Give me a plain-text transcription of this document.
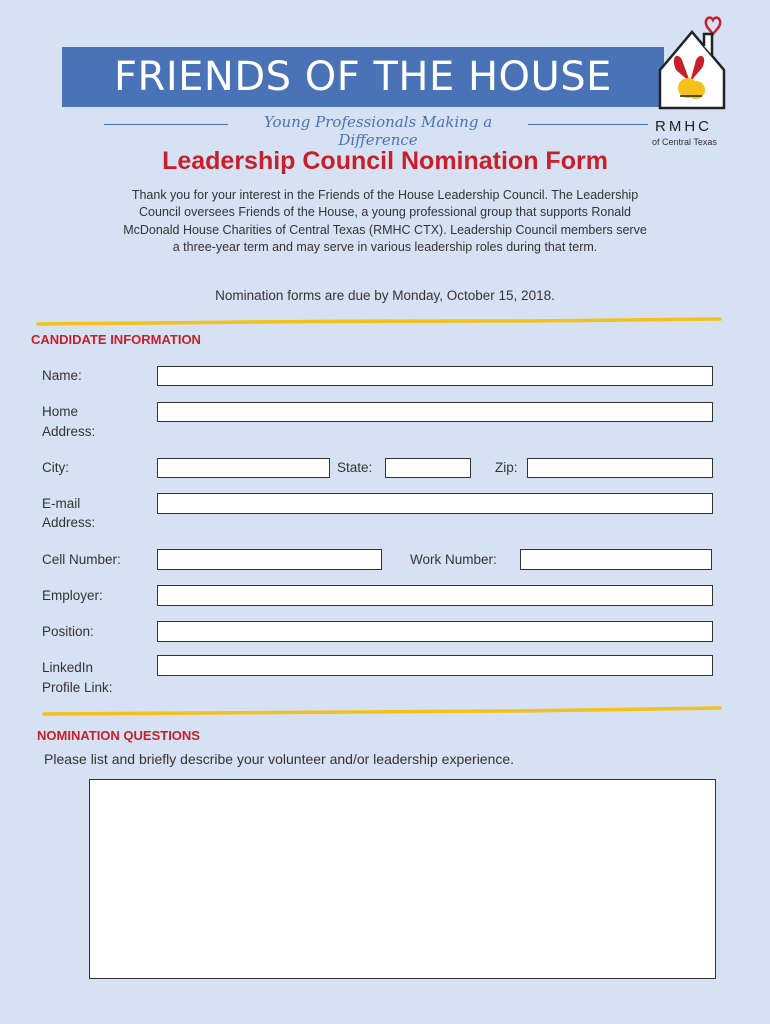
FRIENDS OF THE HOUSE
Young Professionals Making a Difference
RMHC
of Central Texas
Leadership Council Nomination Form
Thank you for your interest in the Friends of the House Leadership Council. The Leadership Council oversees Friends of the House, a young professional group that supports Ronald McDonald House Charities of Central Texas (RMHC CTX). Leadership Council members serve a three-year term and may serve in various leadership roles during that term.
Nomination forms are due by Monday, October 15, 2018.
CANDIDATE INFORMATION
Name:
Home
Address:
City:	State:	Zip:
E-mail
Address:
Cell Number:	Work Number:
Employer:
Position:
LinkedIn
Profile Link:
NOMINATION QUESTIONS
Please list and briefly describe your volunteer and/or leadership experience.
